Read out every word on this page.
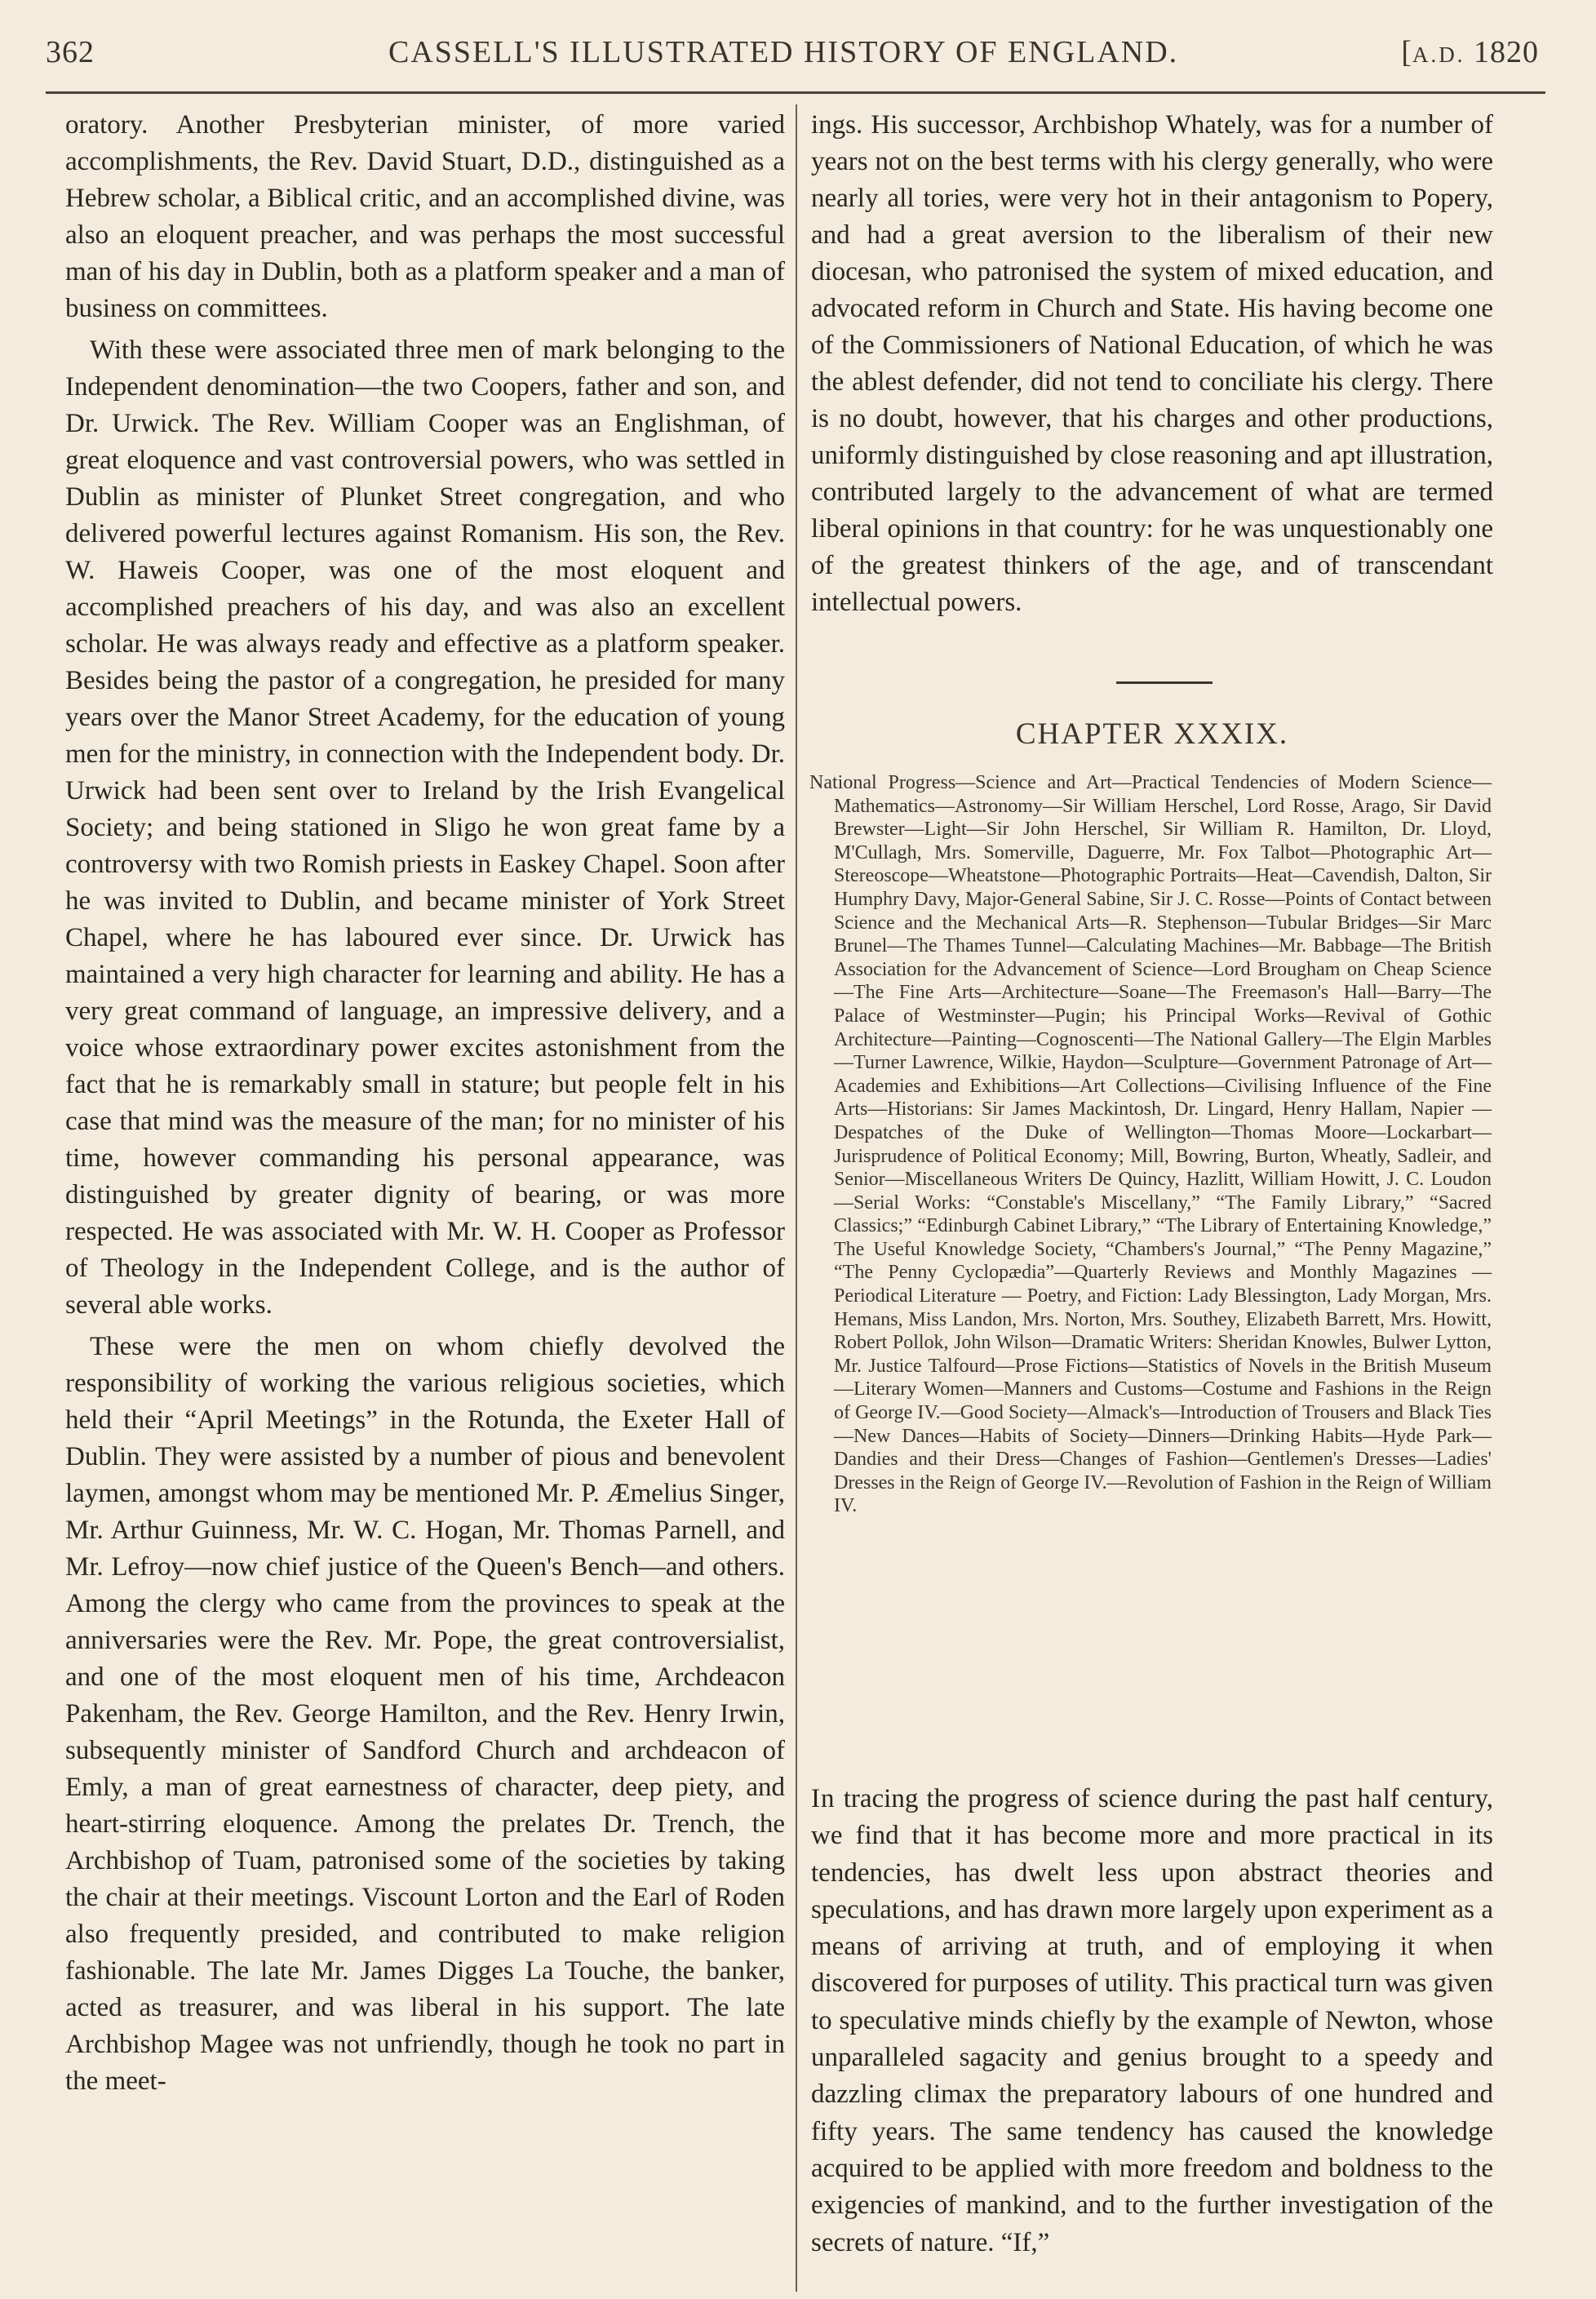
362	CASSELL'S ILLUSTRATED HISTORY OF ENGLAND.	[A.D. 1820

oratory. Another Presbyterian minister, of more varied accomplishments, the Rev. David Stuart, D.D., distinguished as a Hebrew scholar, a Biblical critic, and an accomplished divine, was also an eloquent preacher, and was perhaps the most successful man of his day in Dublin, both as a platform speaker and a man of business on committees.

With these were associated three men of mark belonging to the Independent denomination—the two Coopers, father and son, and Dr. Urwick. The Rev. William Cooper was an Englishman, of great eloquence and vast controversial powers, who was settled in Dublin as minister of Plunket Street congregation, and who delivered powerful lectures against Romanism. His son, the Rev. W. Haweis Cooper, was one of the most eloquent and accomplished preachers of his day, and was also an excellent scholar. He was always ready and effective as a platform speaker. Besides being the pastor of a congregation, he presided for many years over the Manor Street Academy, for the education of young men for the ministry, in connection with the Independent body. Dr. Urwick had been sent over to Ireland by the Irish Evangelical Society; and being stationed in Sligo he won great fame by a controversy with two Romish priests in Easkey Chapel. Soon after he was invited to Dublin, and became minister of York Street Chapel, where he has laboured ever since. Dr. Urwick has maintained a very high character for learning and ability. He has a very great command of language, an impressive delivery, and a voice whose extraordinary power excites astonishment from the fact that he is remarkably small in stature; but people felt in his case that mind was the measure of the man; for no minister of his time, however commanding his personal appearance, was distinguished by greater dignity of bearing, or was more respected. He was associated with Mr. W. H. Cooper as Professor of Theology in the Independent College, and is the author of several able works.

These were the men on whom chiefly devolved the responsibility of working the various religious societies, which held their “April Meetings” in the Rotunda, the Exeter Hall of Dublin. They were assisted by a number of pious and benevolent laymen, amongst whom may be mentioned Mr. P. Æmelius Singer, Mr. Arthur Guinness, Mr. W. C. Hogan, Mr. Thomas Parnell, and Mr. Lefroy—now chief justice of the Queen's Bench—and others. Among the clergy who came from the provinces to speak at the anniversaries were the Rev. Mr. Pope, the great controversialist, and one of the most eloquent men of his time, Archdeacon Pakenham, the Rev. George Hamilton, and the Rev. Henry Irwin, subsequently minister of Sandford Church and archdeacon of Emly, a man of great earnestness of character, deep piety, and heart-stirring eloquence. Among the prelates Dr. Trench, the Archbishop of Tuam, patronised some of the societies by taking the chair at their meetings. Viscount Lorton and the Earl of Roden also frequently presided, and contributed to make religion fashionable. The late Mr. James Digges La Touche, the banker, acted as treasurer, and was liberal in his support. The late Archbishop Magee was not unfriendly, though he took no part in the meet-

ings. His successor, Archbishop Whately, was for a number of years not on the best terms with his clergy generally, who were nearly all tories, were very hot in their antagonism to Popery, and had a great aversion to the liberalism of their new diocesan, who patronised the system of mixed education, and advocated reform in Church and State. His having become one of the Commissioners of National Education, of which he was the ablest defender, did not tend to conciliate his clergy. There is no doubt, however, that his charges and other productions, uniformly distinguished by close reasoning and apt illustration, contributed largely to the advancement of what are termed liberal opinions in that country: for he was unquestionably one of the greatest thinkers of the age, and of transcendant intellectual powers.

CHAPTER XXXIX.
National Progress—Science and Art—Practical Tendencies of Modern Science—Mathematics—Astronomy—Sir William Herschel, Lord Rosse, Arago, Sir David Brewster—Light—Sir John Herschel, Sir William R. Hamilton, Dr. Lloyd, M'Cullagh, Mrs. Somerville, Daguerre, Mr. Fox Talbot—Photographic Art—Stereoscope—Wheatstone—Photographic Portraits—Heat—Cavendish, Dalton, Sir Humphry Davy, Major-General Sabine, Sir J. C. Rosse—Points of Contact between Science and the Mechanical Arts—R. Stephenson—Tubular Bridges—Sir Marc Brunel—The Thames Tunnel—Calculating Machines—Mr. Babbage—The British Association for the Advancement of Science—Lord Brougham on Cheap Science—The Fine Arts—Architecture—Soane—The Freemason's Hall—Barry—The Palace of Westminster—Pugin; his Principal Works—Revival of Gothic Architecture—Painting—Cognoscenti—The National Gallery—The Elgin Marbles—Turner Lawrence, Wilkie, Haydon—Sculpture—Government Patronage of Art—Academies and Exhibitions—Art Collections—Civilising Influence of the Fine Arts—Historians: Sir James Mackintosh, Dr. Lingard, Henry Hallam, Napier — Despatches of the Duke of Wellington—Thomas Moore—Lockarbart—Jurisprudence of Political Economy; Mill, Bowring, Burton, Wheatly, Sadleir, and Senior—Miscellaneous Writers De Quincy, Hazlitt, William Howitt, J. C. Loudon—Serial Works: “Constable's Miscellany,” “The Family Library,” “Sacred Classics;” “Edinburgh Cabinet Library,” “The Library of Entertaining Knowledge,” The Useful Knowledge Society, “Chambers's Journal,” “The Penny Magazine,” “The Penny Cyclopædia”—Quarterly Reviews and Monthly Magazines — Periodical Literature — Poetry, and Fiction: Lady Blessington, Lady Morgan, Mrs. Hemans, Miss Landon, Mrs. Norton, Mrs. Southey, Elizabeth Barrett, Mrs. Howitt, Robert Pollok, John Wilson—Dramatic Writers: Sheridan Knowles, Bulwer Lytton, Mr. Justice Talfourd—Prose Fictions—Statistics of Novels in the British Museum—Literary Women—Manners and Customs—Costume and Fashions in the Reign of George IV.—Good Society—Almack's—Introduction of Trousers and Black Ties—New Dances—Habits of Society—Dinners—Drinking Habits—Hyde Park—Dandies and their Dress—Changes of Fashion—Gentlemen's Dresses—Ladies' Dresses in the Reign of George IV.—Revolution of Fashion in the Reign of William IV.

In tracing the progress of science during the past half century, we find that it has become more and more practical in its tendencies, has dwelt less upon abstract theories and speculations, and has drawn more largely upon experiment as a means of arriving at truth, and of employing it when discovered for purposes of utility. This practical turn was given to speculative minds chiefly by the example of Newton, whose unparalleled sagacity and genius brought to a speedy and dazzling climax the preparatory labours of one hundred and fifty years. The same tendency has caused the knowledge acquired to be applied with more freedom and boldness to the exigencies of mankind, and to the further investigation of the secrets of nature. “If,”
